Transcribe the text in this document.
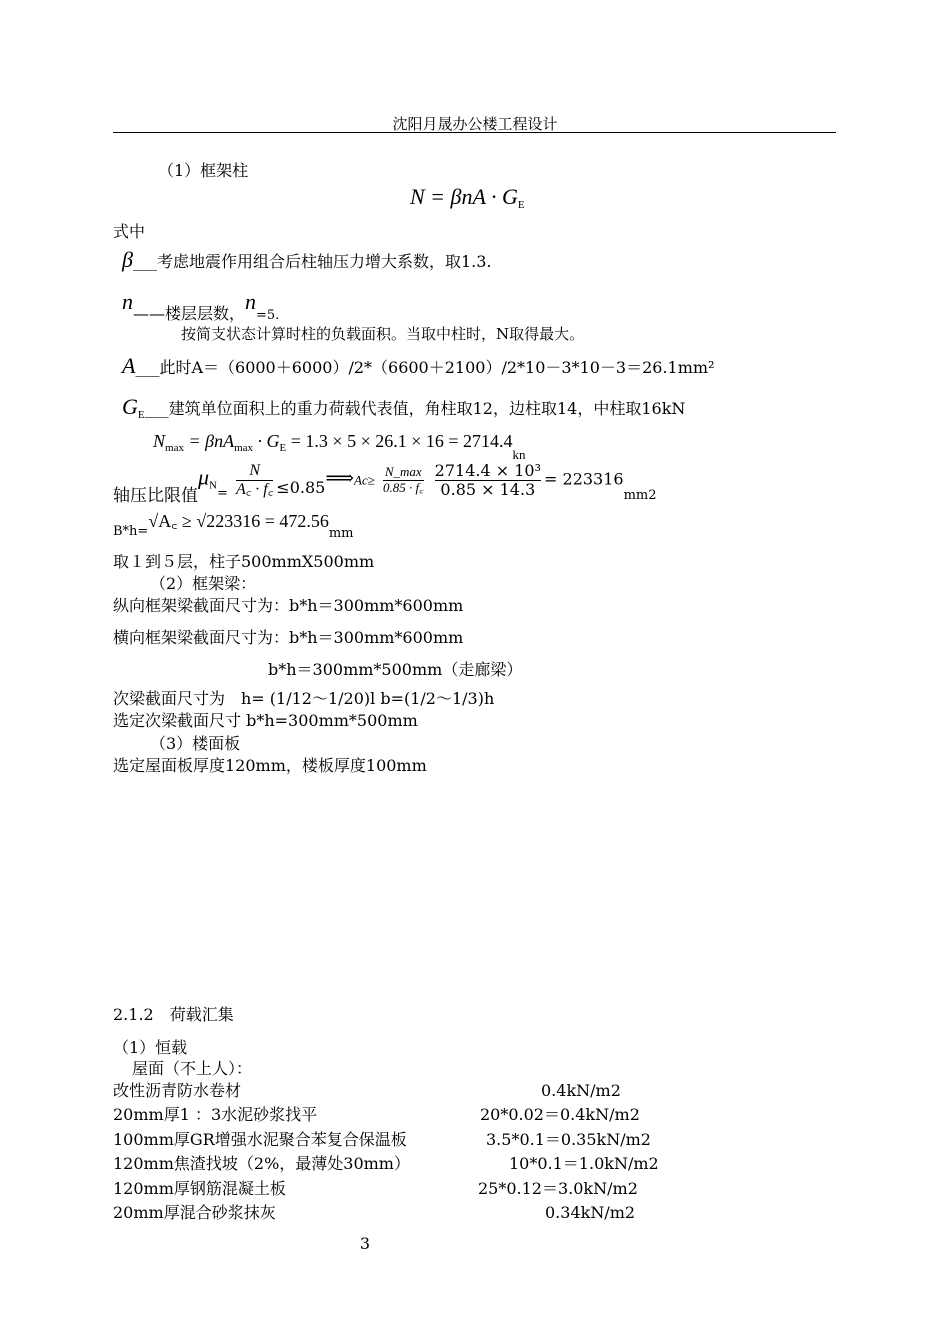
沈阳月晟办公楼工程设计
（1）框架柱
$N = \beta nA \cdot G_E$
式中
β___考虑地震作用组合后柱轴压力增大系数，取1.3.
n——楼层层数，$n_{=5.}$
按简支状态计算时柱的负载面积。当取中柱时，N取得最大。
A___此时A＝（6000＋6000）/2*（6600＋2100）/2*10－3*10－3＝26.1mm²
$G_E\_\_\_$建筑单位面积上的重力荷载代表值，角柱取12，边柱取14，中柱取16kN
$N_{max} = \beta nA_{max} \cdot G_E = 1.3 \times 5 \times 26.1 \times 16 = 2714.4_{kn}$
轴压比限值$\mu_{N=} \frac{N}{A꜀ \cdot f꜀}$ ≤0.85⟹Ac≥ $\frac{N\_\max}{0.85 \cdot f꜀}$
$\frac{\text{2714.4 × 10³}}{0.85 \times 14.3} = 223316_{mm2}$
$_{B*h=}$√A꜀ ≥ $√223316 = 472.56_{mm}$
取１到５层，柱子500mmX500mm
（2）框架梁：
纵向框架梁截面尺寸为：b*h＝300mm*600mm
横向框架梁截面尺寸为：b*h＝300mm*600mm
b*h＝300mm*500mm（走廊梁）
次梁截面尺寸为　h= (1/12～1/20)l b=(1/2～1/3)h
选定次梁截面尺寸 b*h=300mm*500mm
（3）楼面板
选定屋面板厚度120mm，楼板厚度100mm
2.1.2　荷载汇集
（1）恒载
屋面（不上人）：
改性沥青防水卷材	0.4kN/m2
20mm厚1 ：3水泥砂浆找平	20*0.02＝0.4kN/m2
100mm厚GR增强水泥聚合苯复合保温板	3.5*0.1＝0.35kN/m2
120mm焦渣找坡（2%，最薄处30mm）	10*0.1＝1.0kN/m2
120mm厚钢筋混凝土板	25*0.12＝3.0kN/m2
20mm厚混合砂浆抹灰	0.34kN/m2
3
